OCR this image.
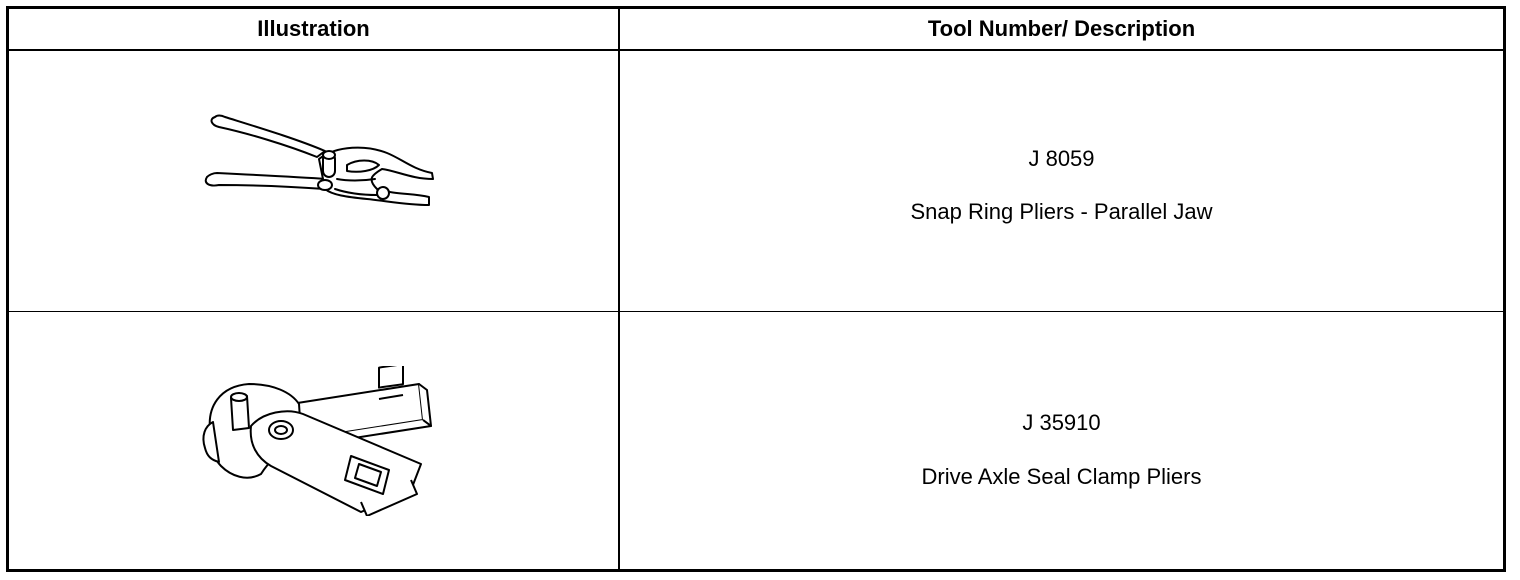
Illustration	Tool Number/ Description
J 8059
Snap Ring Pliers - Parallel Jaw
J 35910
Drive Axle Seal Clamp Pliers
